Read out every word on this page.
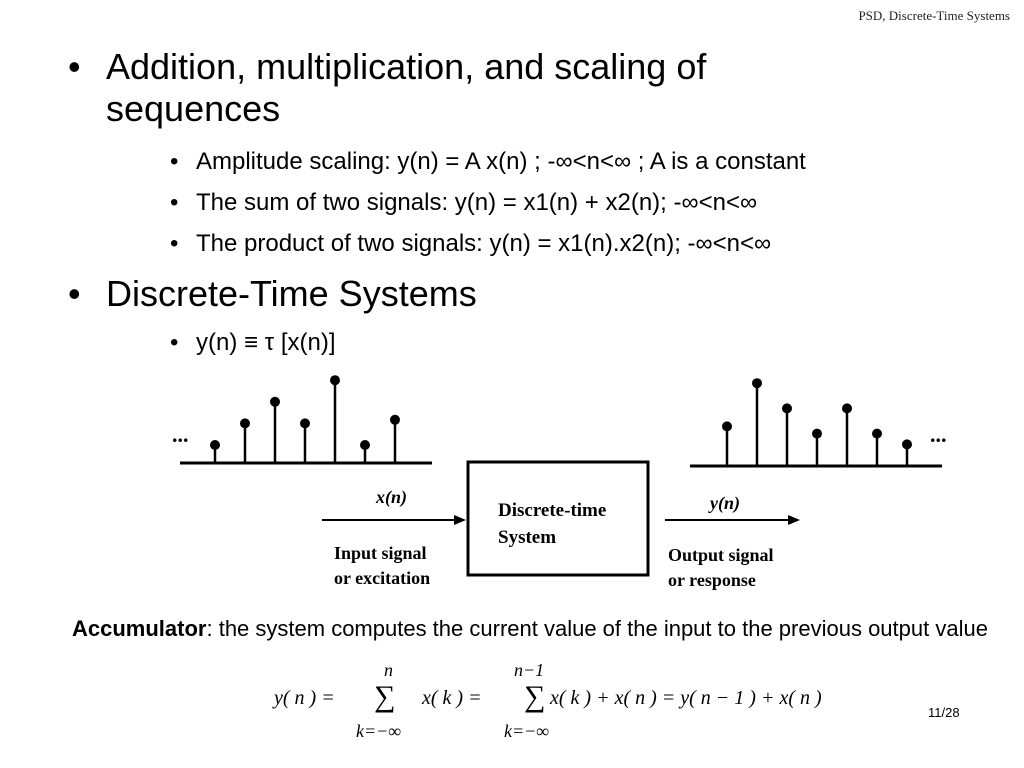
PSD, Discrete-Time Systems
• Addition, multiplication, and scaling of
sequences
• Amplitude scaling: y(n) = A x(n) ; -∞<n<∞ ; A is a constant
• The sum of two signals: y(n) = x1(n) + x2(n); -∞<n<∞
• The product of two signals: y(n) = x1(n).x2(n); -∞<n<∞
• Discrete-Time Systems
• y(n) ≡ τ [x(n)]
...	...
x(n)
Input signal
or excitation
Discrete-time
System
y(n)
Output signal
or response
Accumulator: the system computes the current value of the input to the previous output value
y( n ) =
n
∑
k=−∞
x( k ) =
n−1
∑
k=−∞
x( k ) + x( n ) = y( n − 1 ) + x( n )
11/28
